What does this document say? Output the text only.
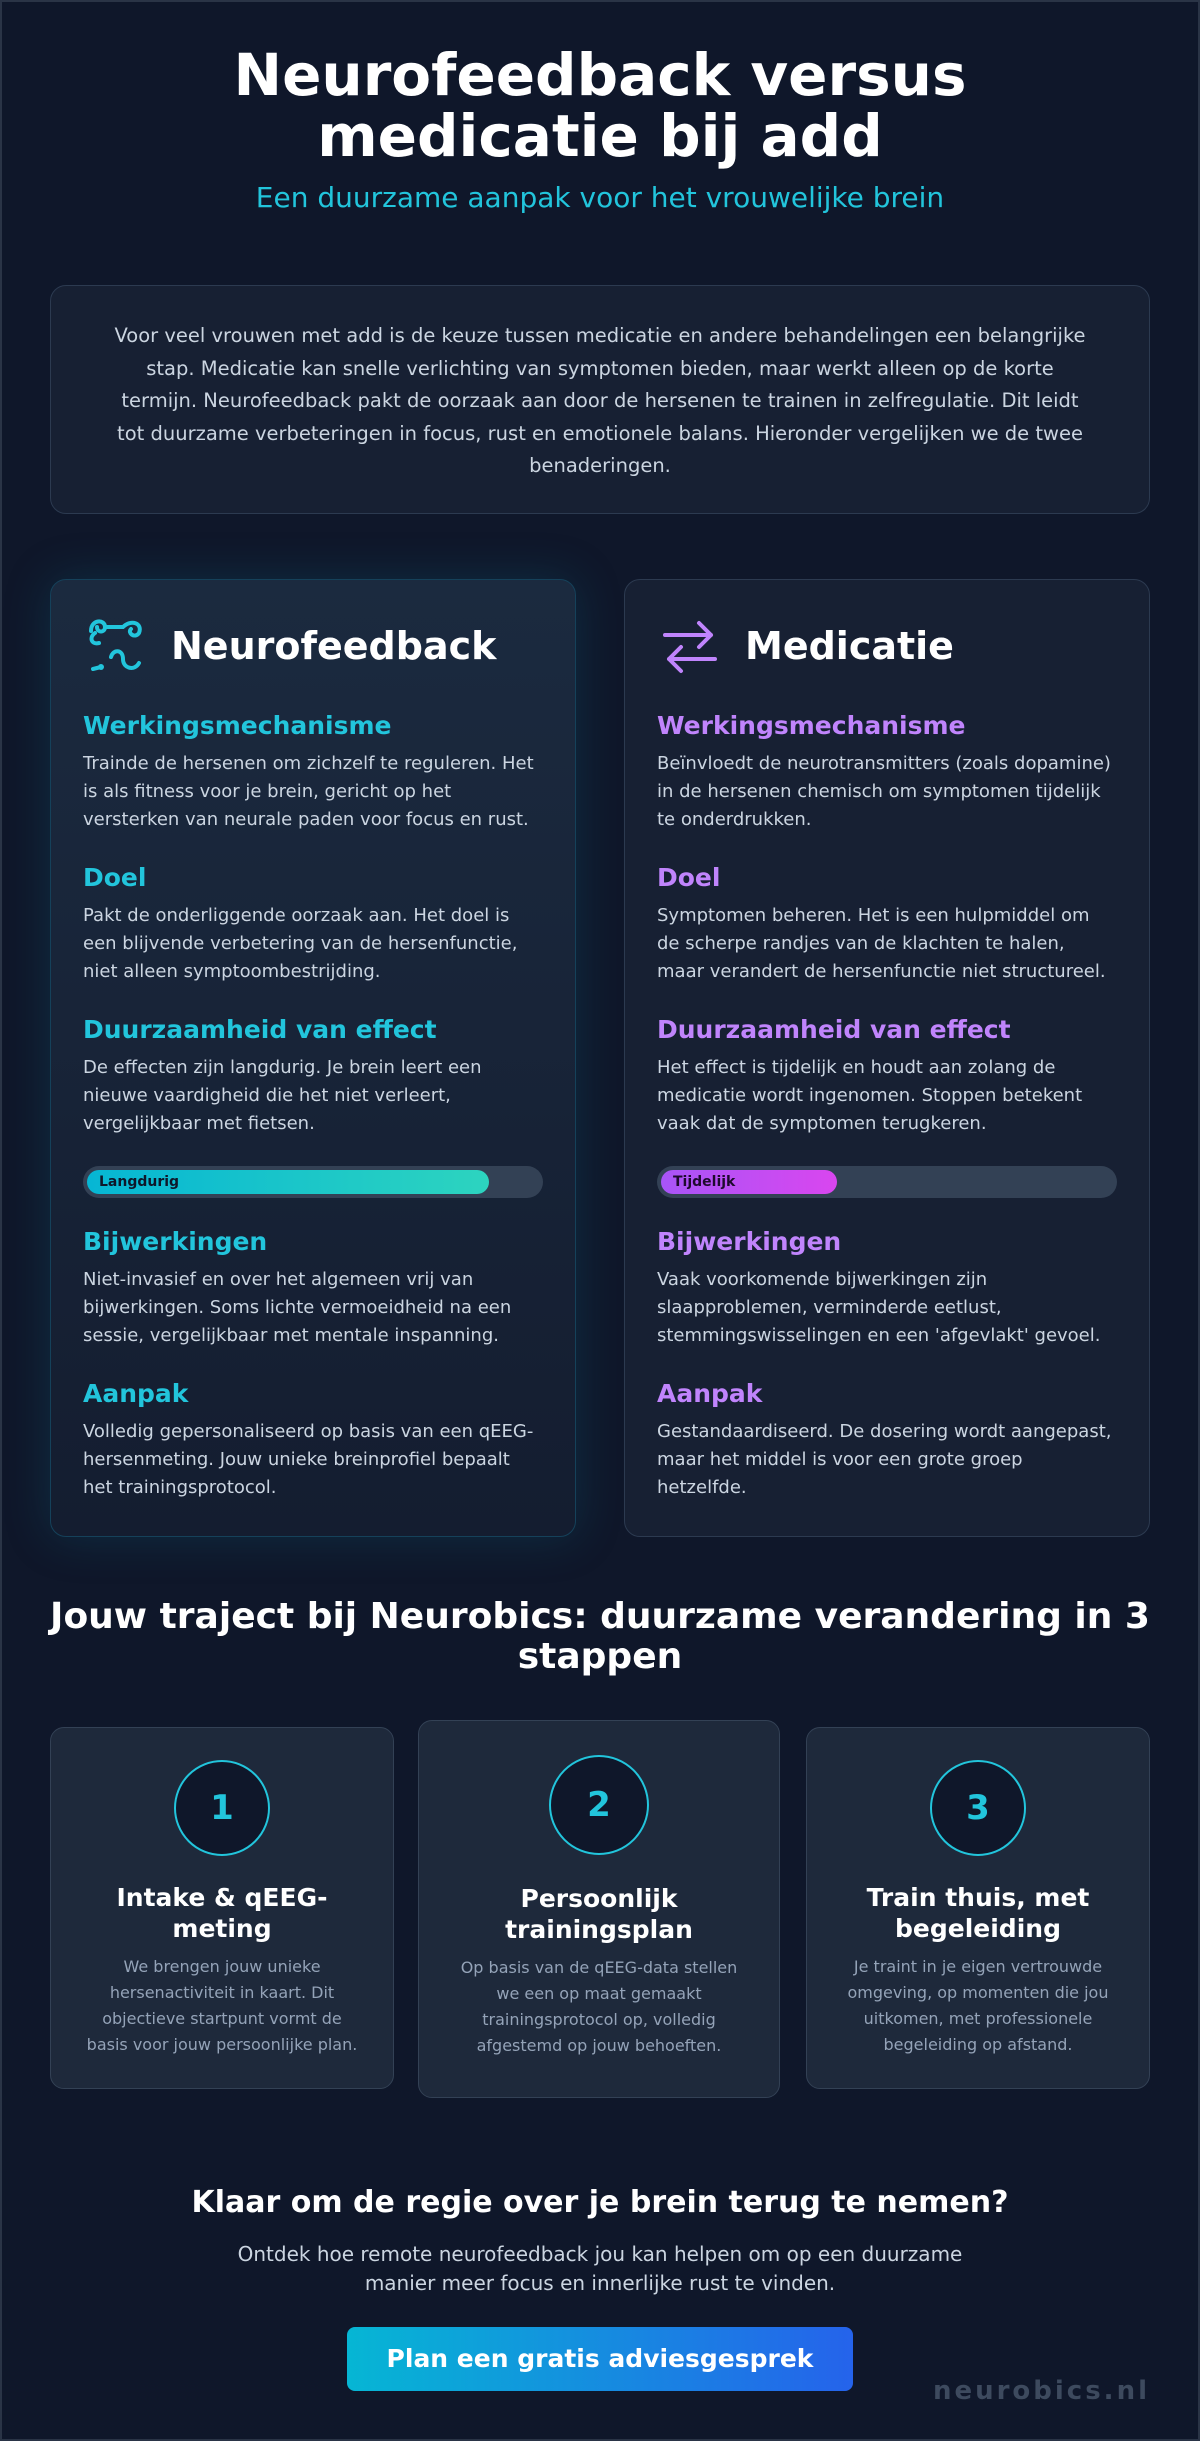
Neurofeedback versus medicatie bij add
Een duurzame aanpak voor het vrouwelijke brein

Voor veel vrouwen met add is de keuze tussen medicatie en andere behandelingen een belangrijke stap. Medicatie kan snelle verlichting van symptomen bieden, maar werkt alleen op de korte termijn. Neurofeedback pakt de oorzaak aan door de hersenen te trainen in zelfregulatie. Dit leidt tot duurzame verbeteringen in focus, rust en emotionele balans. Hieronder vergelijken we de twee benaderingen.

Neurofeedback
Werkingsmechanisme

Trainde de hersenen om zichzelf te reguleren. Het is als fitness voor je brein, gericht op het versterken van neurale paden voor focus en rust.

Doel

Pakt de onderliggende oorzaak aan. Het doel is een blijvende verbetering van de hersenfunctie, niet alleen symptoombestrijding.

Duurzaamheid van effect

De effecten zijn langdurig. Je brein leert een nieuwe vaardigheid die het niet verleert, vergelijkbaar met fietsen.

Langdurig
Bijwerkingen

Niet-invasief en over het algemeen vrij van bijwerkingen. Soms lichte vermoeidheid na een sessie, vergelijkbaar met mentale inspanning.

Aanpak

Volledig gepersonaliseerd op basis van een qEEG-hersenmeting. Jouw unieke breinprofiel bepaalt het trainingsprotocol.

Medicatie
Werkingsmechanisme

Beïnvloedt de neurotransmitters (zoals dopamine) in de hersenen chemisch om symptomen tijdelijk te onderdrukken.

Doel

Symptomen beheren. Het is een hulpmiddel om de scherpe randjes van de klachten te halen, maar verandert de hersenfunctie niet structureel.

Duurzaamheid van effect

Het effect is tijdelijk en houdt aan zolang de medicatie wordt ingenomen. Stoppen betekent vaak dat de symptomen terugkeren.

Tijdelijk
Bijwerkingen

Vaak voorkomende bijwerkingen zijn slaapproblemen, verminderde eetlust, stemmingswisselingen en een 'afgevlakt' gevoel.

Aanpak

Gestandaardiseerd. De dosering wordt aangepast, maar het middel is voor een grote groep hetzelfde.

Jouw traject bij Neurobics: duurzame verandering in 3 stappen
1
Intake & qEEG-meting
We brengen jouw unieke hersenactiviteit in kaart. Dit objectieve startpunt vormt de basis voor jouw persoonlijke plan.
2
Persoonlijk trainingsplan
Op basis van de qEEG-data stellen we een op maat gemaakt trainingsprotocol op, volledig afgestemd op jouw behoeften.
3
Train thuis, met begeleiding
Je traint in je eigen vertrouwde omgeving, op momenten die jou uitkomen, met professionele begeleiding op afstand.
Klaar om de regie over je brein terug te nemen?

Ontdek hoe remote neurofeedback jou kan helpen om op een duurzame manier meer focus en innerlijke rust te vinden.

Plan een gratis adviesgesprek
neurobics.nl
